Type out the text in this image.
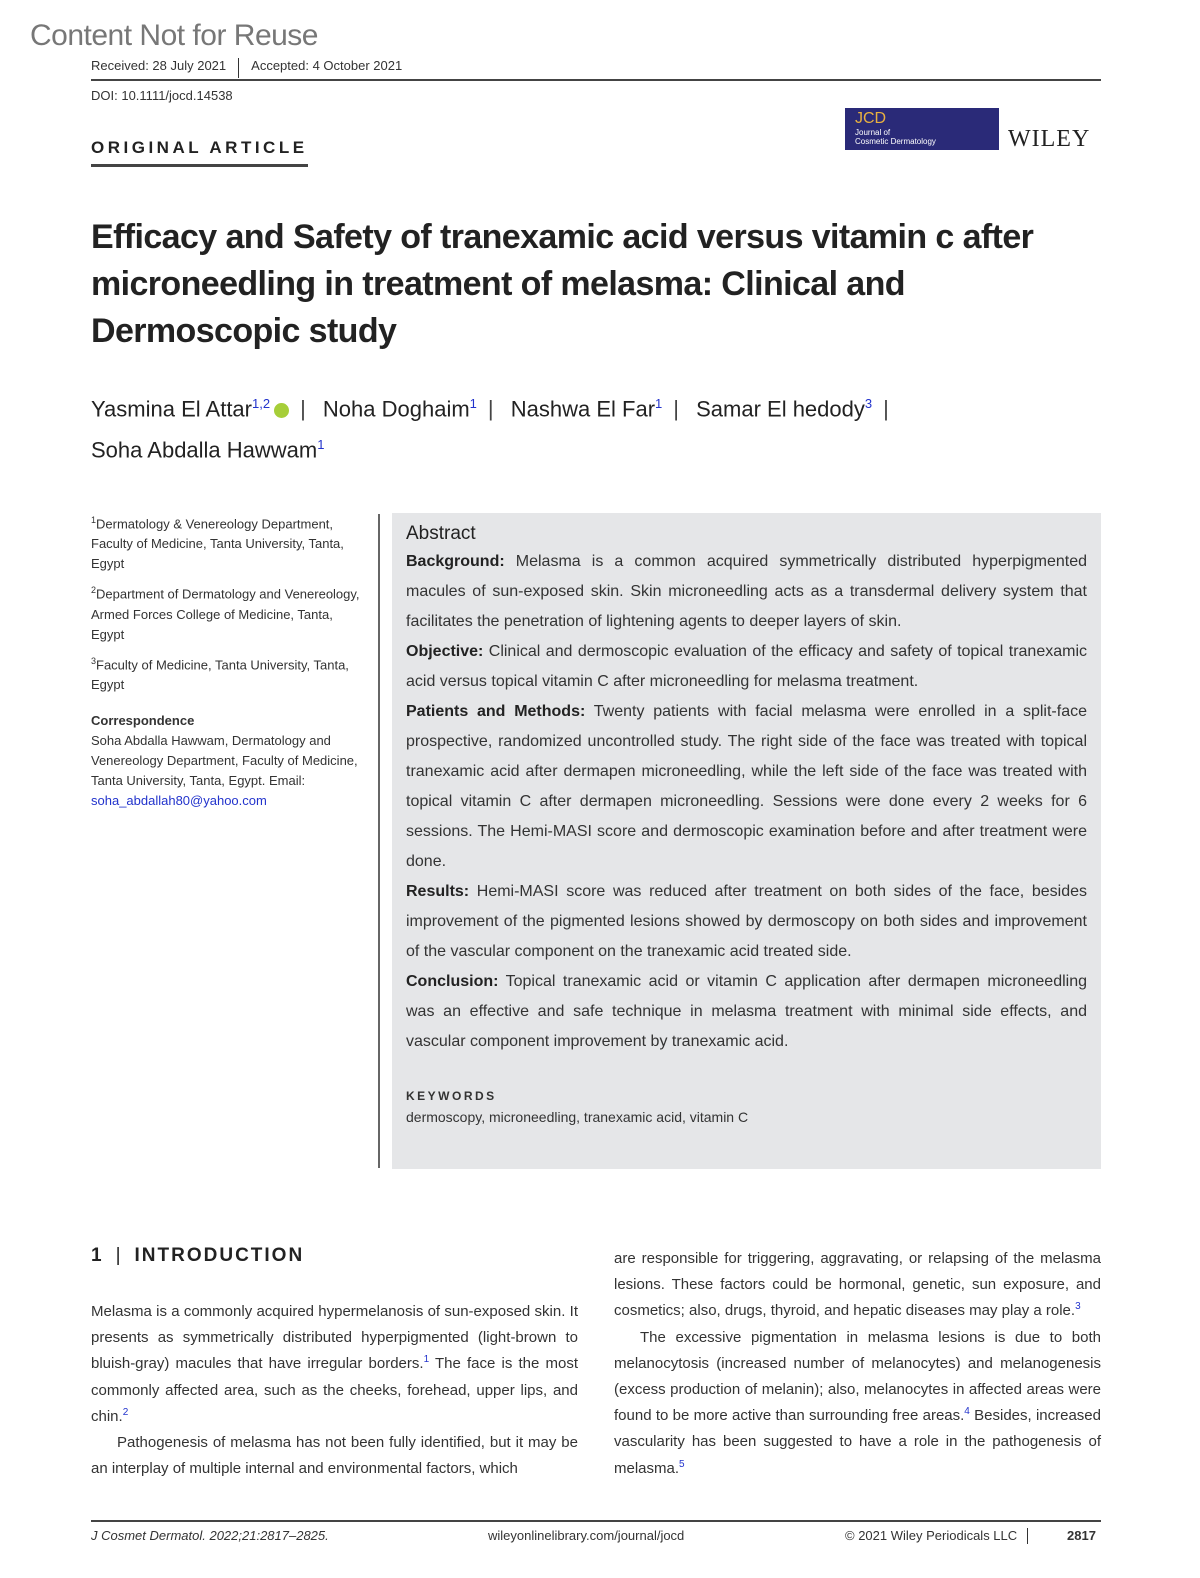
Content Not for Reuse
Received: 28 July 2021 Accepted: 4 October 2021
DOI: 10.1111/jocd.14538
ORIGINAL ARTICLE
JCD
Journal of
Cosmetic Dermatology	WILEY
Efficacy and Safety of tranexamic acid versus vitamin c after microneedling in treatment of melasma: Clinical and Dermoscopic study
Yasmina El Attar$^{1,2}$ | Noha Doghaim$^1$ | Nashwa El Far$^1$ | Samar El hedody$^3$ |
Soha Abdalla Hawwam$^1$

$^1$Dermatology & Venereology Department, Faculty of Medicine, Tanta University, Tanta, Egypt

$^2$Department of Dermatology and Venereology, Armed Forces College of Medicine, Tanta, Egypt

$^3$Faculty of Medicine, Tanta University, Tanta, Egypt

Correspondence

Soha Abdalla Hawwam, Dermatology and Venereology Department, Faculty of Medicine, Tanta University, Tanta, Egypt. Email: soha_abdallah80@yahoo.com

Abstract

Background: Melasma is a common acquired symmetrically distributed hyperpigmented macules of sun-exposed skin. Skin microneedling acts as a transdermal delivery system that facilitates the penetration of lightening agents to deeper layers of skin.

Objective: Clinical and dermoscopic evaluation of the efficacy and safety of topical tranexamic acid versus topical vitamin C after microneedling for melasma treatment.

Patients and Methods: Twenty patients with facial melasma were enrolled in a split-face prospective, randomized uncontrolled study. The right side of the face was treated with topical tranexamic acid after dermapen microneedling, while the left side of the face was treated with topical vitamin C after dermapen microneedling. Sessions were done every 2 weeks for 6 sessions. The Hemi-MASI score and dermoscopic examination before and after treatment were done.

Results: Hemi-MASI score was reduced after treatment on both sides of the face, besides improvement of the pigmented lesions showed by dermoscopy on both sides and improvement of the vascular component on the tranexamic acid treated side.

Conclusion: Topical tranexamic acid or vitamin C application after dermapen microneedling was an effective and safe technique in melasma treatment with minimal side effects, and vascular component improvement by tranexamic acid.

KEYWORDS

dermoscopy, microneedling, tranexamic acid, vitamin C

1 | INTRODUCTION

Melasma is a commonly acquired hypermelanosis of sun-exposed skin. It presents as symmetrically distributed hyperpigmented (light-brown to bluish-gray) macules that have irregular borders.$^1$ The face is the most commonly affected area, such as the cheeks, forehead, upper lips, and chin.$^2$

Pathogenesis of melasma has not been fully identified, but it may be an interplay of multiple internal and environmental factors, which

are responsible for triggering, aggravating, or relapsing of the melasma lesions. These factors could be hormonal, genetic, sun exposure, and cosmetics; also, drugs, thyroid, and hepatic diseases may play a role.$^3$

The excessive pigmentation in melasma lesions is due to both melanocytosis (increased number of melanocytes) and melanogenesis (excess production of melanin); also, melanocytes in affected areas were found to be more active than surrounding free areas.$^4$ Besides, increased vascularity has been suggested to have a role in the pathogenesis of melasma.$^5$

J Cosmet Dermatol. 2022;21:2817–2825.	wileyonlinelibrary.com/journal/jocd	© 2021 Wiley Periodicals LLC	2817
